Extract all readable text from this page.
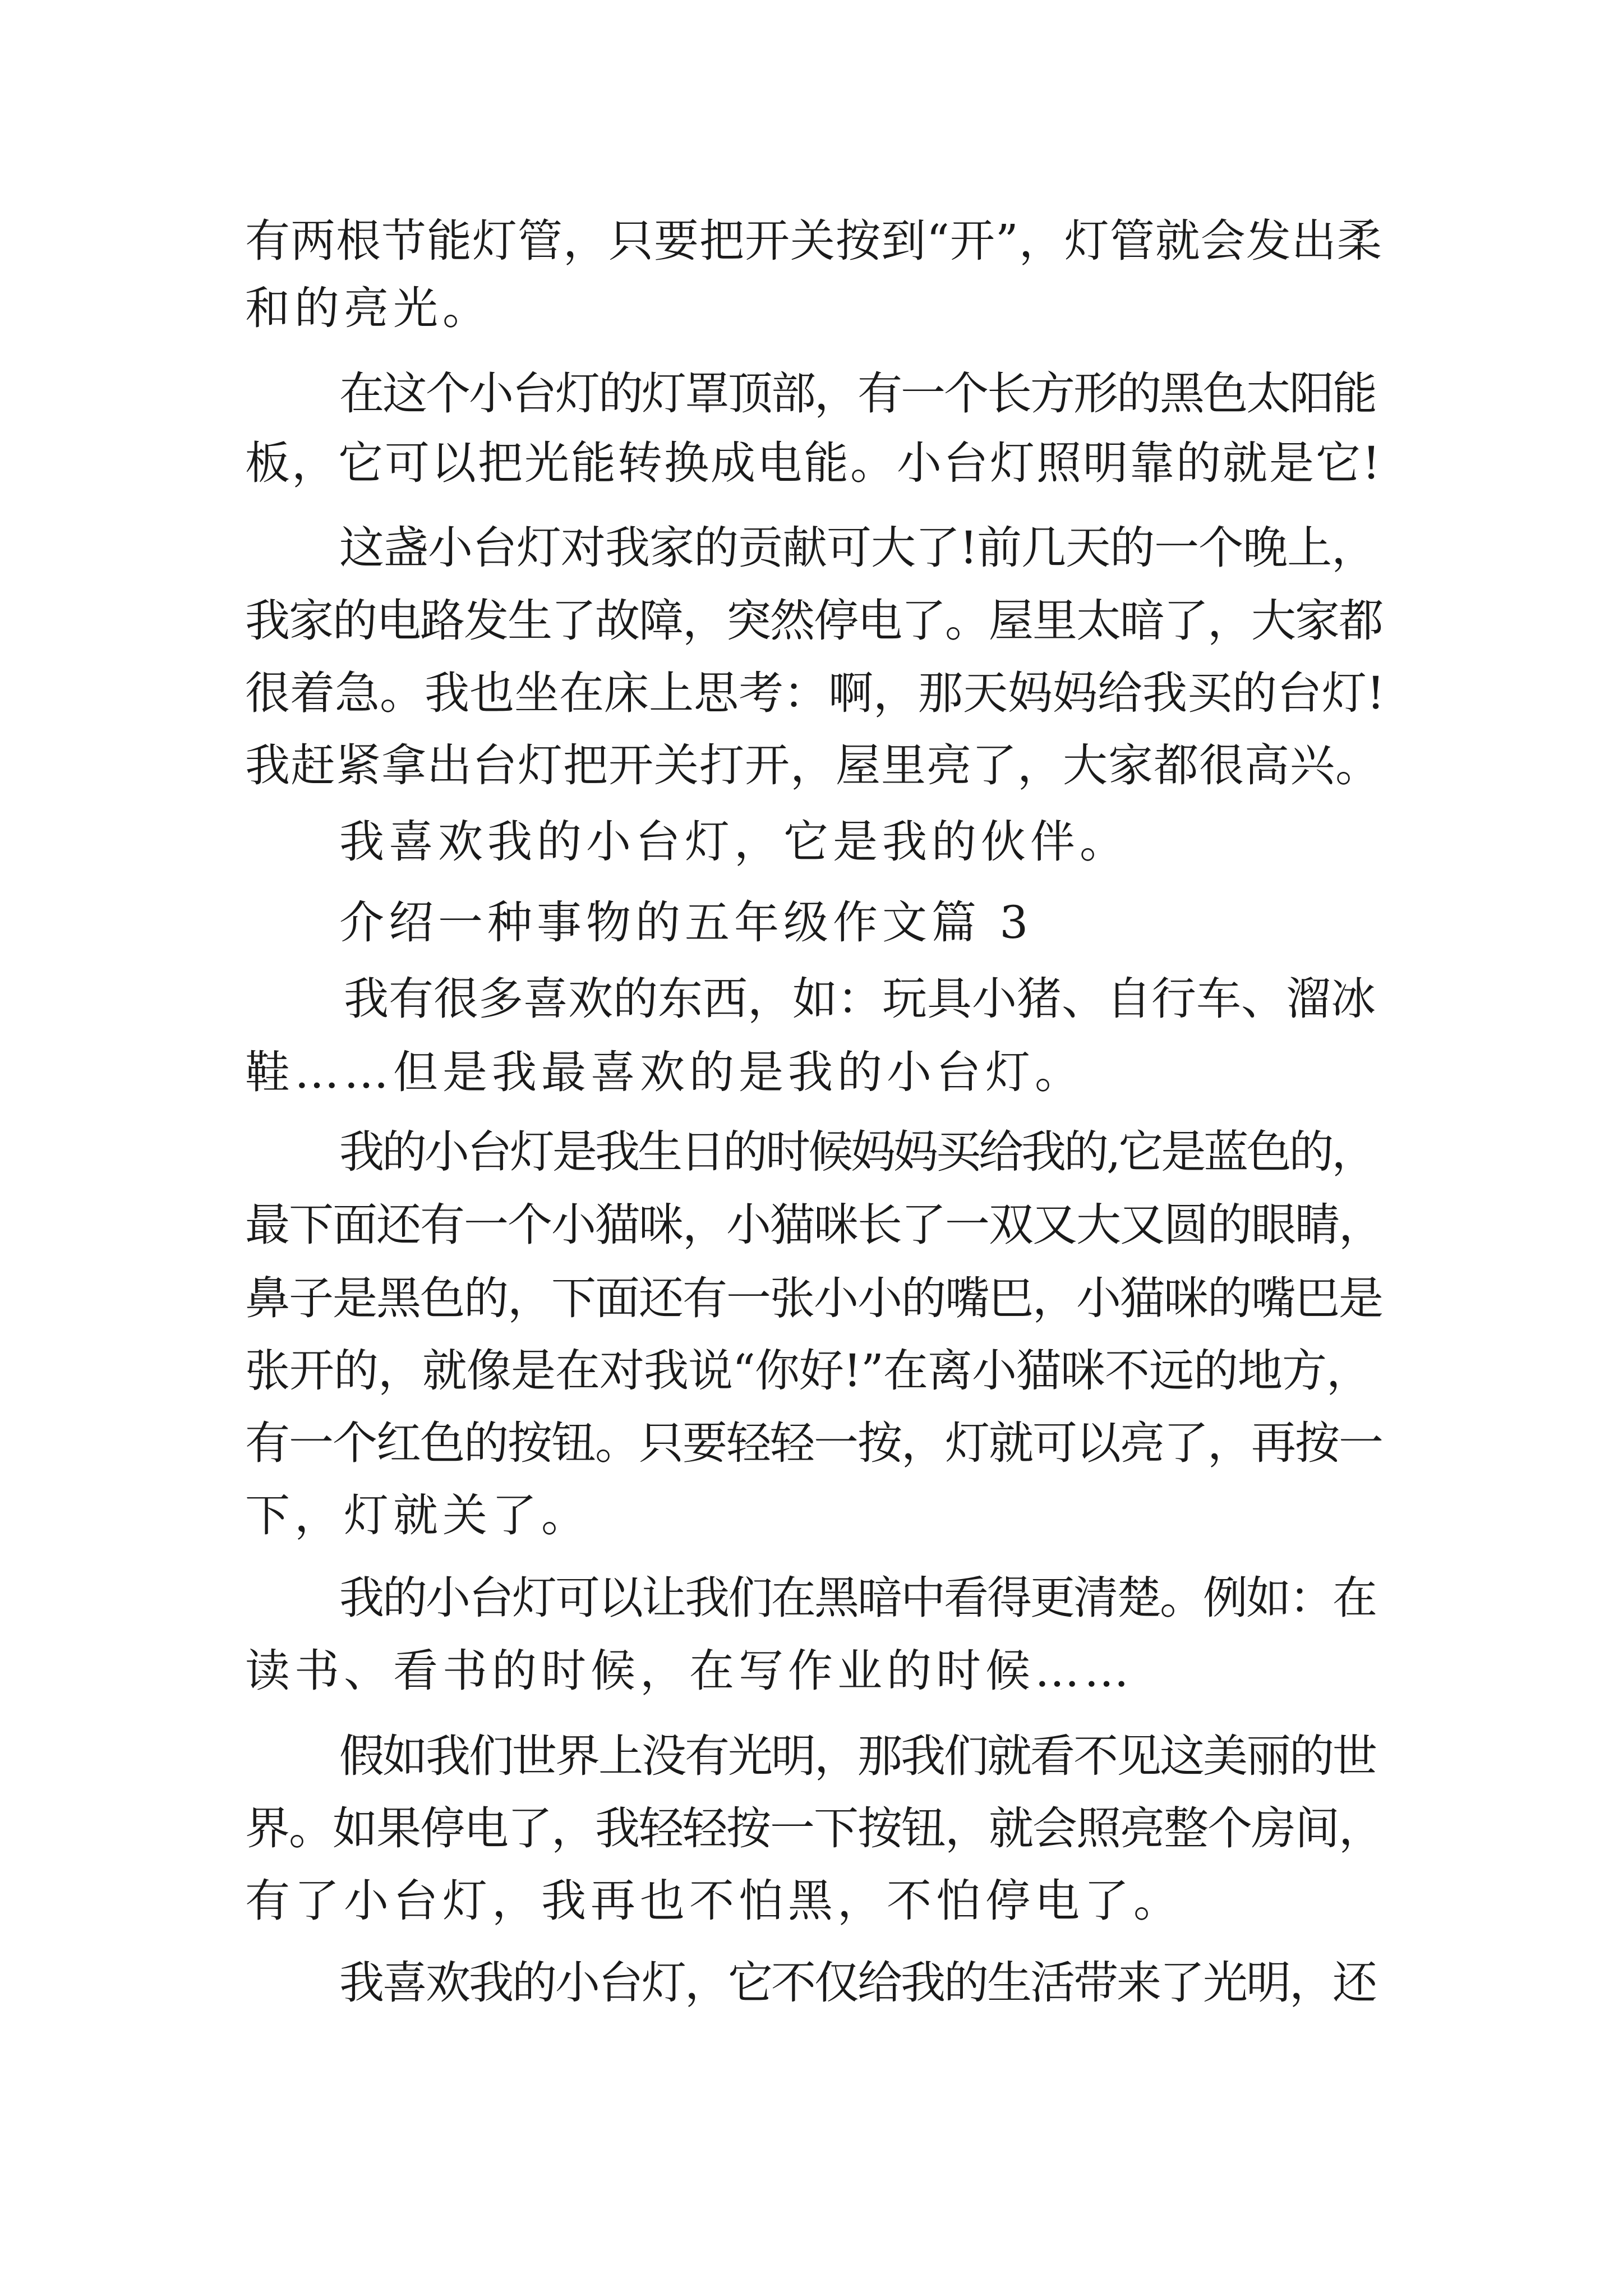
有两根节能灯管，只要把开关按到“开”，灯管就会发出柔
和的亮光。
在这个小台灯的灯罩顶部，有一个长方形的黑色太阳能
板，它可以把光能转换成电能。小台灯照明靠的就是它!
这盏小台灯对我家的贡献可大了!前几天的一个晚上，
我家的电路发生了故障，突然停电了。屋里太暗了，大家都
很着急。我也坐在床上思考：啊，那天妈妈给我买的台灯!
我赶紧拿出台灯把开关打开，屋里亮了，大家都很高兴。
我喜欢我的小台灯，它是我的伙伴。
介绍一种事物的五年级作文篇 3
我有很多喜欢的东西，如：玩具小猪、自行车、溜冰
鞋……但是我最喜欢的是我的小台灯。
我的小台灯是我生日的时候妈妈买给我的,它是蓝色的，
最下面还有一个小猫咪，小猫咪长了一双又大又圆的眼睛，
鼻子是黑色的，下面还有一张小小的嘴巴，小猫咪的嘴巴是
张开的，就像是在对我说“你好!”在离小猫咪不远的地方，
有一个红色的按钮。只要轻轻一按，灯就可以亮了，再按一
下，灯就关了。
我的小台灯可以让我们在黑暗中看得更清楚。例如：在
读书、看书的时候，在写作业的时候……
假如我们世界上没有光明，那我们就看不见这美丽的世
界。如果停电了，我轻轻按一下按钮，就会照亮整个房间，
有了小台灯，我再也不怕黑，不怕停电了。
我喜欢我的小台灯，它不仅给我的生活带来了光明，还
